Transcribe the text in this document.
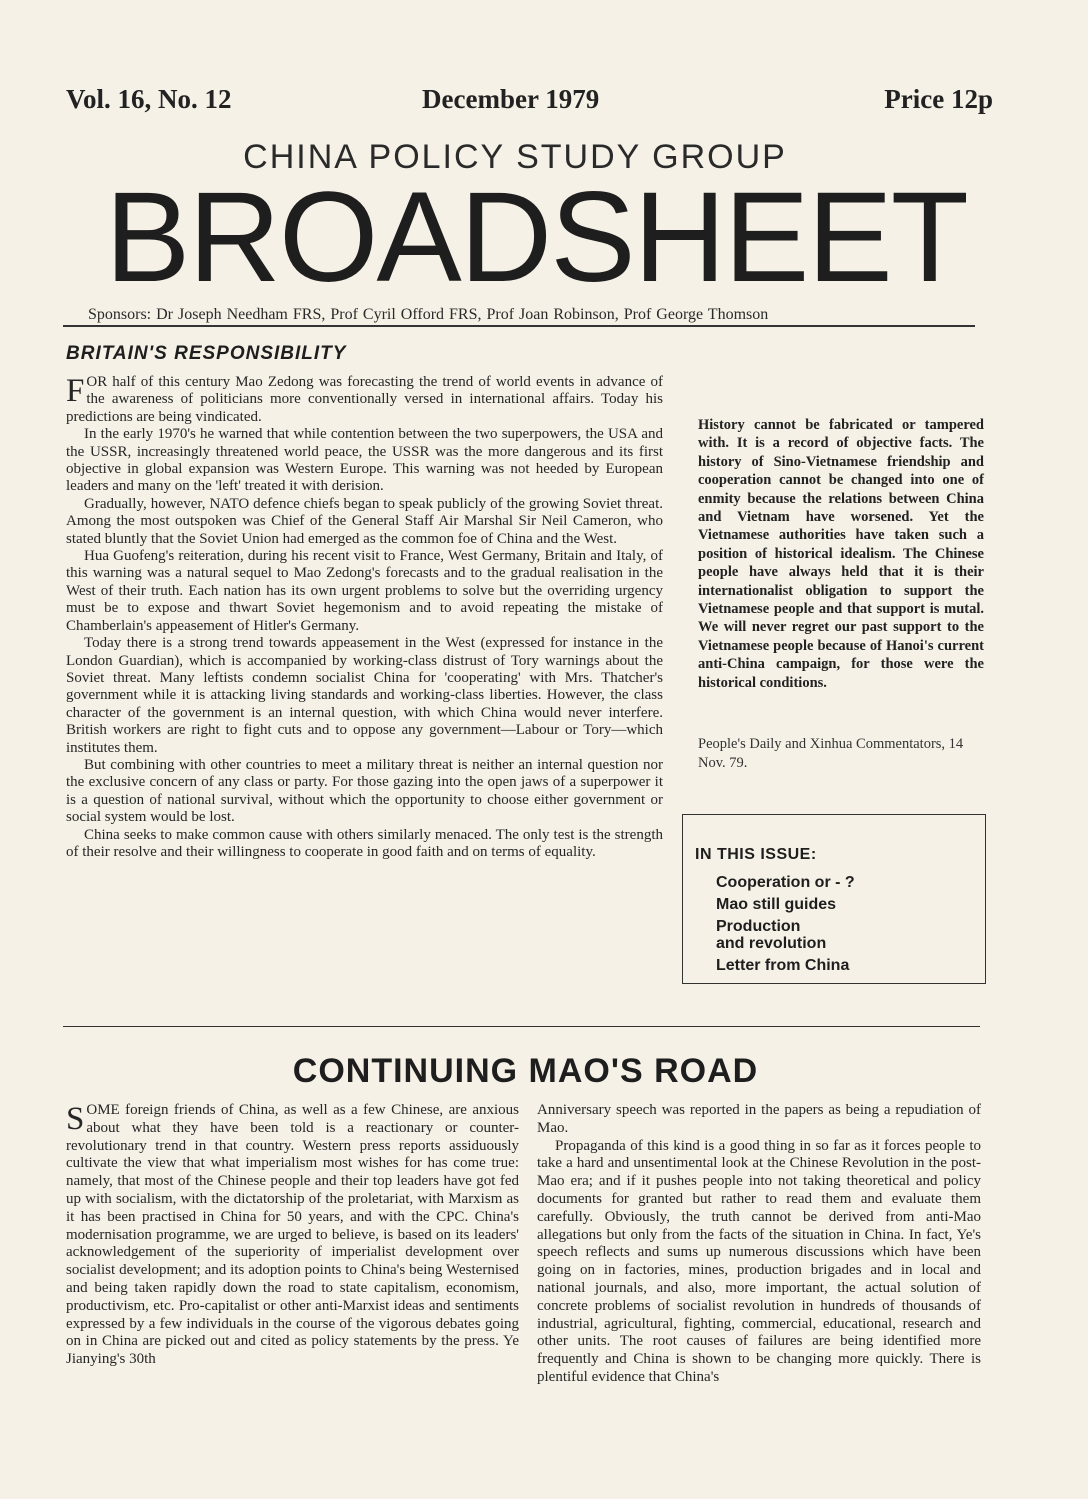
Vol. 16, No. 12	December 1979	Price 12p
CHINA POLICY STUDY GROUP
BROADSHEET
Sponsors: Dr Joseph Needham FRS, Prof Cyril Offord FRS, Prof Joan Robinson, Prof George Thomson
BRITAIN'S RESPONSIBILITY

FOR half of this century Mao Zedong was forecasting the trend of world events in advance of the awareness of politicians more conventionally versed in international affairs. Today his predictions are being vindicated.

In the early 1970's he warned that while contention between the two superpowers, the USA and the USSR, increasingly threatened world peace, the USSR was the more dangerous and its first objective in global expansion was Western Europe. This warning was not heeded by European leaders and many on the 'left' treated it with derision.

Gradually, however, NATO defence chiefs began to speak publicly of the growing Soviet threat. Among the most outspoken was Chief of the General Staff Air Marshal Sir Neil Cameron, who stated bluntly that the Soviet Union had emerged as the common foe of China and the West.

Hua Guofeng's reiteration, during his recent visit to France, West Germany, Britain and Italy, of this warning was a natural sequel to Mao Zedong's forecasts and to the gradual realisation in the West of their truth. Each nation has its own urgent problems to solve but the overriding urgency must be to expose and thwart Soviet hegemonism and to avoid repeating the mistake of Chamberlain's appeasement of Hitler's Germany.

Today there is a strong trend towards appeasement in the West (expressed for instance in the London Guardian), which is accompanied by working-class distrust of Tory warnings about the Soviet threat. Many leftists condemn socialist China for 'cooperating' with Mrs. Thatcher's government while it is attacking living standards and working-class liberties. However, the class character of the government is an internal question, with which China would never interfere. British workers are right to fight cuts and to oppose any government—Labour or Tory—which institutes them.

But combining with other countries to meet a military threat is neither an internal question nor the exclusive concern of any class or party. For those gazing into the open jaws of a superpower it is a question of national survival, without which the opportunity to choose either government or social system would be lost.

China seeks to make common cause with others similarly menaced. The only test is the strength of their resolve and their willingness to cooperate in good faith and on terms of equality.

History cannot be fabricated or tampered with. It is a record of objective facts. The history of Sino-Vietnamese friendship and cooperation cannot be changed into one of enmity because the relations between China and Vietnam have worsened. Yet the Vietnamese authorities have taken such a position of historical idealism. The Chinese people have always held that it is their internationalist obligation to support the Vietnamese people and that support is mutal. We will never regret our past support to the Vietnamese people because of Hanoi's current anti-China campaign, for those were the historical conditions.
People's Daily and Xinhua Commentators, 14 Nov. 79.
IN THIS ISSUE:
Cooperation or - ?
Mao still guides
Production
and revolution
Letter from China
CONTINUING MAO'S ROAD

SOME foreign friends of China, as well as a few Chinese, are anxious about what they have been told is a reactionary or counter-revolutionary trend in that country. Western press reports assiduously cultivate the view that what imperialism most wishes for has come true: namely, that most of the Chinese people and their top leaders have got fed up with socialism, with the dictatorship of the proletariat, with Marxism as it has been practised in China for 50 years, and with the CPC. China's modernisation programme, we are urged to believe, is based on its leaders' acknowledgement of the superiority of imperialist development over socialist development; and its adoption points to China's being Westernised and being taken rapidly down the road to state capitalism, economism, productivism, etc. Pro-capitalist or other anti-Marxist ideas and sentiments expressed by a few individuals in the course of the vigorous debates going on in China are picked out and cited as policy statements by the press. Ye Jianying's 30th

Anniversary speech was reported in the papers as being a repudiation of Mao.

Propaganda of this kind is a good thing in so far as it forces people to take a hard and unsentimental look at the Chinese Revolution in the post-Mao era; and if it pushes people into not taking theoretical and policy documents for granted but rather to read them and evaluate them carefully. Obviously, the truth cannot be derived from anti-Mao allegations but only from the facts of the situation in China. In fact, Ye's speech reflects and sums up numerous discussions which have been going on in factories, mines, production brigades and in local and national journals, and also, more important, the actual solution of concrete problems of socialist revolution in hundreds of thousands of industrial, agricultural, fighting, commercial, educational, research and other units. The root causes of failures are being identified more frequently and China is shown to be changing more quickly. There is plentiful evidence that China's
